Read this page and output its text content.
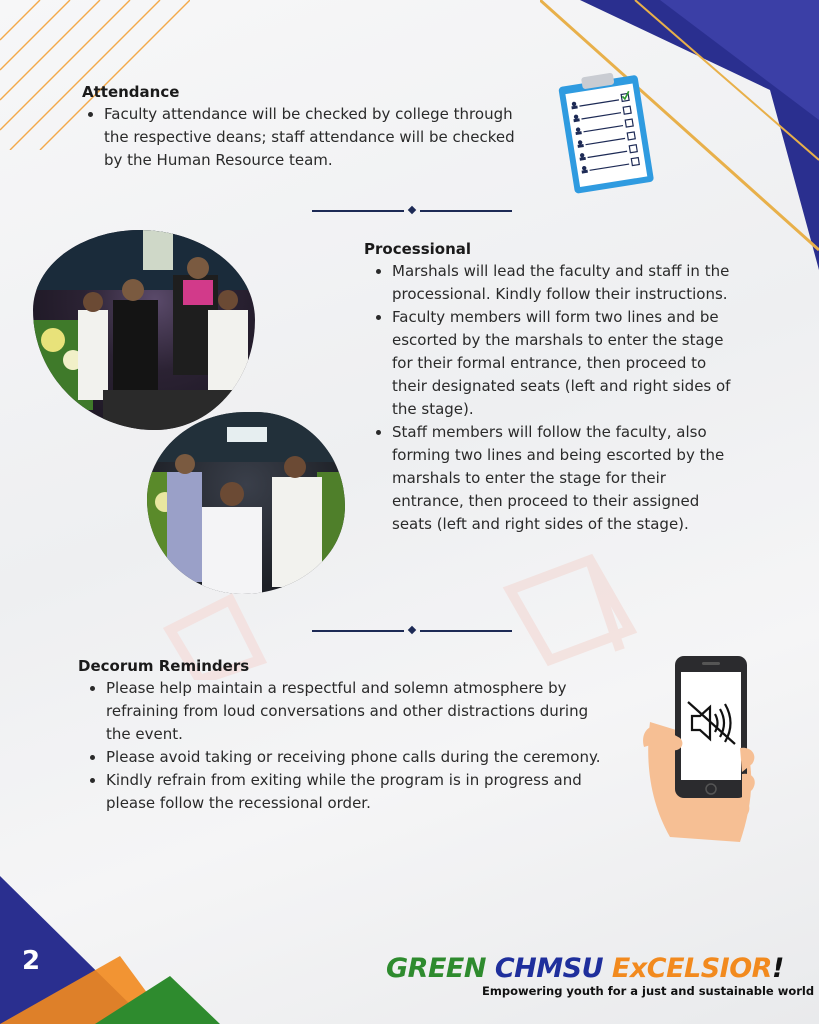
Attendance
• Faculty attendance will be checked by college through the respective deans; staff attendance will be checked by the Human Resource team.
Processional
• Marshals will lead the faculty and staff in the processional. Kindly follow their instructions.
• Faculty members will form two lines and be escorted by the marshals to enter the stage for their formal entrance, then proceed to their designated seats (left and right sides of the stage).
• Staff members will follow the faculty, also forming two lines and being escorted by the marshals to enter the stage for their entrance, then proceed to their assigned seats (left and right sides of the stage).
Decorum Reminders
• Please help maintain a respectful and solemn atmosphere by refraining from loud conversations and other distractions during the event.
• Please avoid taking or receiving phone calls during the ceremony.
• Kindly refrain from exiting while the program is in progress and please follow the recessional order.
2	GREEN CHMSU ExCELSIOR!
Empowering youth for a just and sustainable world
